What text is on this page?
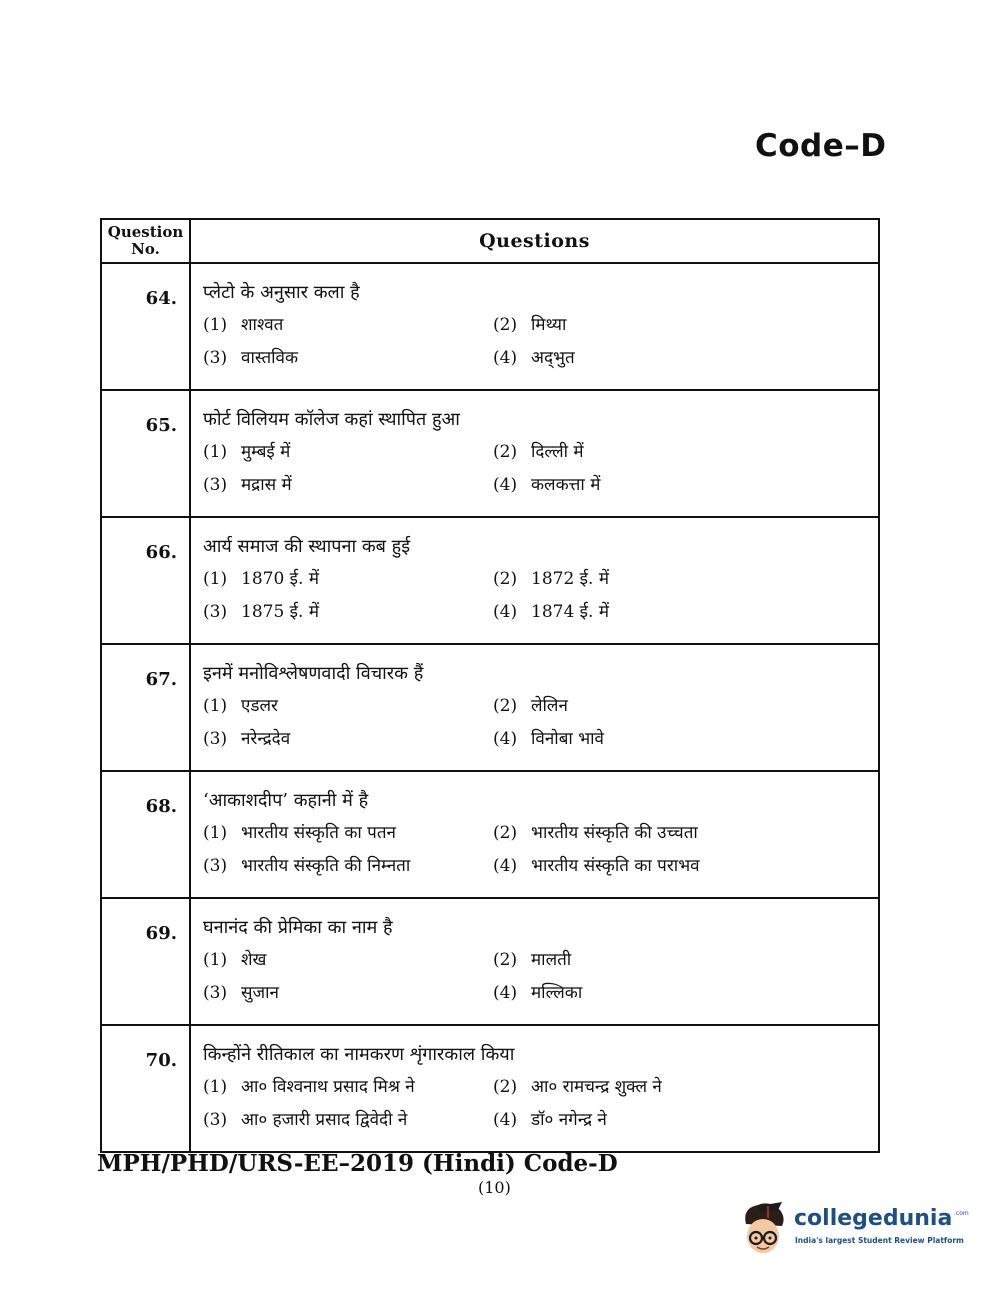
Code–D
Question No.	Questions
64.	प्लेटो के अनुसार कला है
(1) शाश्वत (2) मिथ्या
(3) वास्तविक (4) अद्‌भुत

65.	फोर्ट विलियम कॉलेज कहां स्थापित हुआ
(1) मुम्बई में (2) दिल्ली में
(3) मद्रास में (4) कलकत्ता में

66.	आर्य समाज की स्थापना कब हुई
(1) 1870 ई. में (2) 1872 ई. में
(3) 1875 ई. में (4) 1874 ई. में

67.	इनमें मनोविश्लेषणवादी विचारक हैं
(1) एडलर (2) लेलिन
(3) नरेन्द्रदेव (4) विनोबा भावे

68.	‘आकाशदीप’ कहानी में है
(1) भारतीय संस्कृति का पतन (2) भारतीय संस्कृति की उच्चता
(3) भारतीय संस्कृति की निम्नता (4) भारतीय संस्कृति का पराभव

69.	घनानंद की प्रेमिका का नाम है
(1) शेख (2) मालती
(3) सुजान (4) मल्लिका

70.	किन्होंने रीतिकाल का नामकरण शृंगारकाल किया
(1) आ० विश्वनाथ प्रसाद मिश्र ने (2) आ० रामचन्द्र शुक्ल ने
(3) आ० हजारी प्रसाद द्विवेदी ने (4) डॉ० नगेन्द्र ने
MPH/PHD/URS-EE–2019 (Hindi) Code-D
(10)
collegedunia .com
India's largest Student Review Platform
